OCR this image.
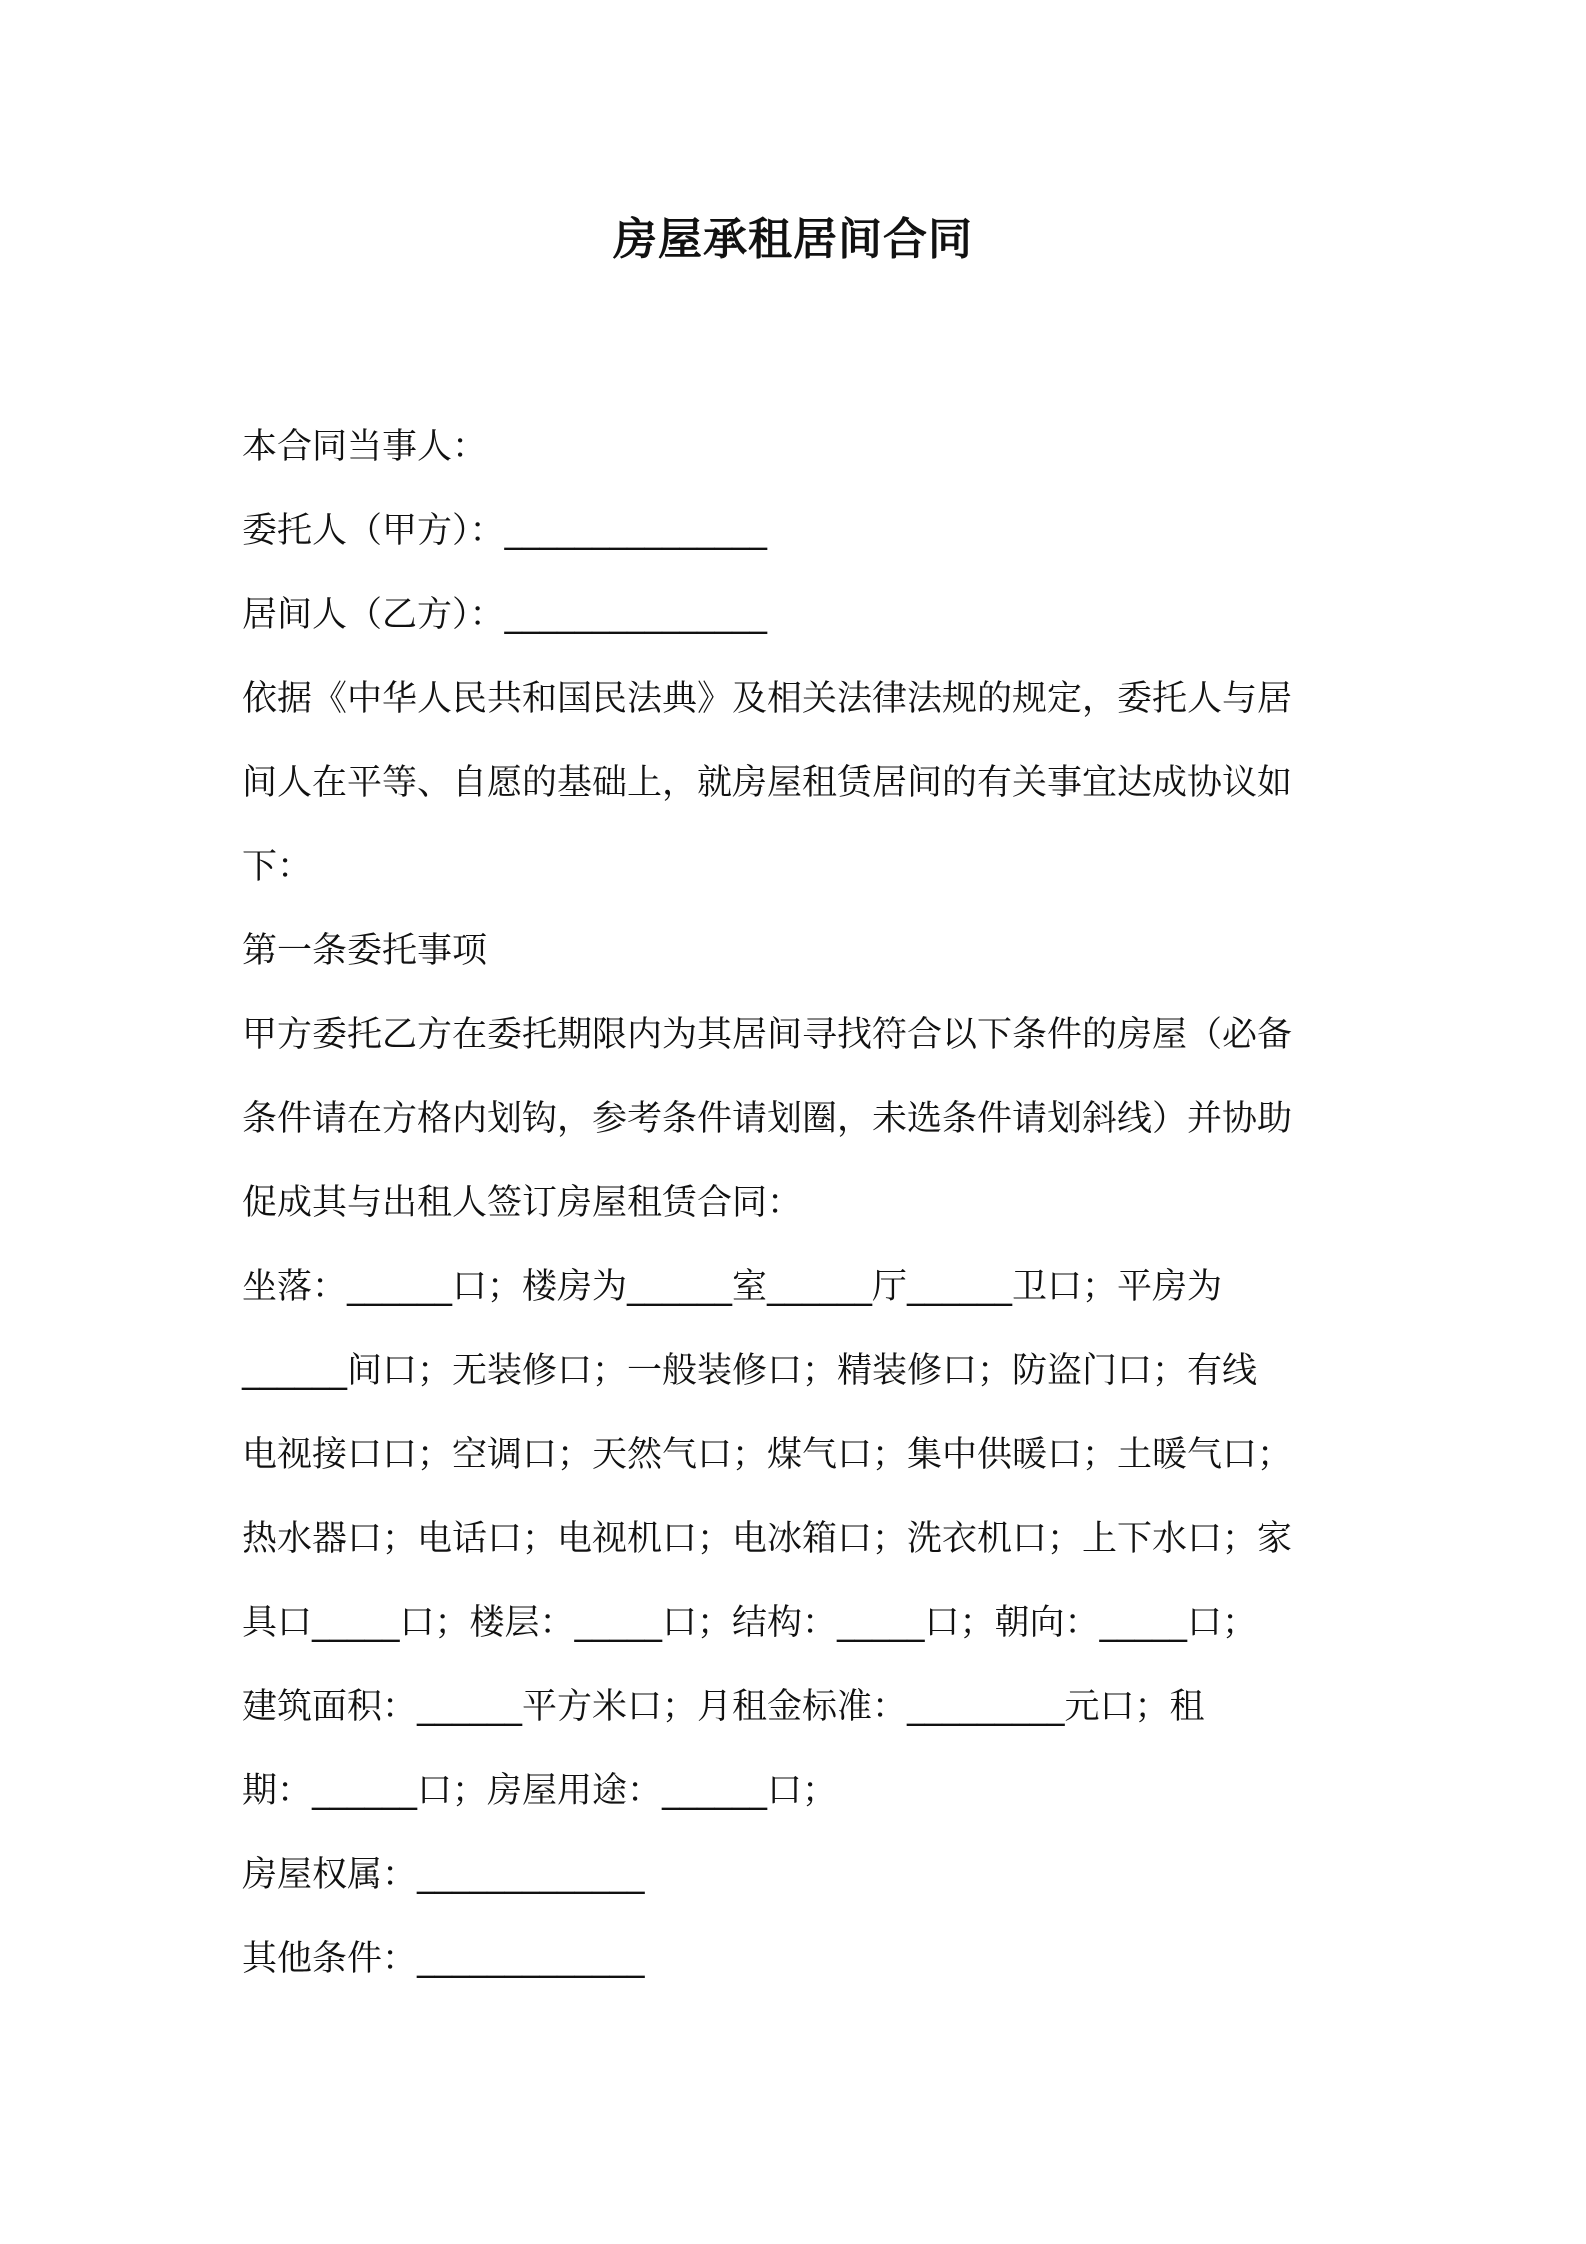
房屋承租居间合同

本合同当事人：

委托人（甲方）：_______________

居间人（乙方）：_______________

依据《中华人民共和国民法典》及相关法律法规的规定，委托人与居

间人在平等、自愿的基础上，就房屋租赁居间的有关事宜达成协议如

下：

第一条委托事项

甲方委托乙方在委托期限内为其居间寻找符合以下条件的房屋（必备

条件请在方格内划钩，参考条件请划圈，未选条件请划斜线）并协助

促成其与出租人签订房屋租赁合同：

坐落：______口；楼房为______室______厅______卫口；平房为

______间口；无装修口；一般装修口；精装修口；防盗门口；有线

电视接口口；空调口；天然气口；煤气口；集中供暖口；土暖气口；

热水器口；电话口；电视机口；电冰箱口；洗衣机口；上下水口；家

具口_____口；楼层：_____口；结构：_____口；朝向：_____口；

建筑面积：______平方米口；月租金标准：_________元口；租

期：______口；房屋用途：______口；

房屋权属：_____________

其他条件：_____________
